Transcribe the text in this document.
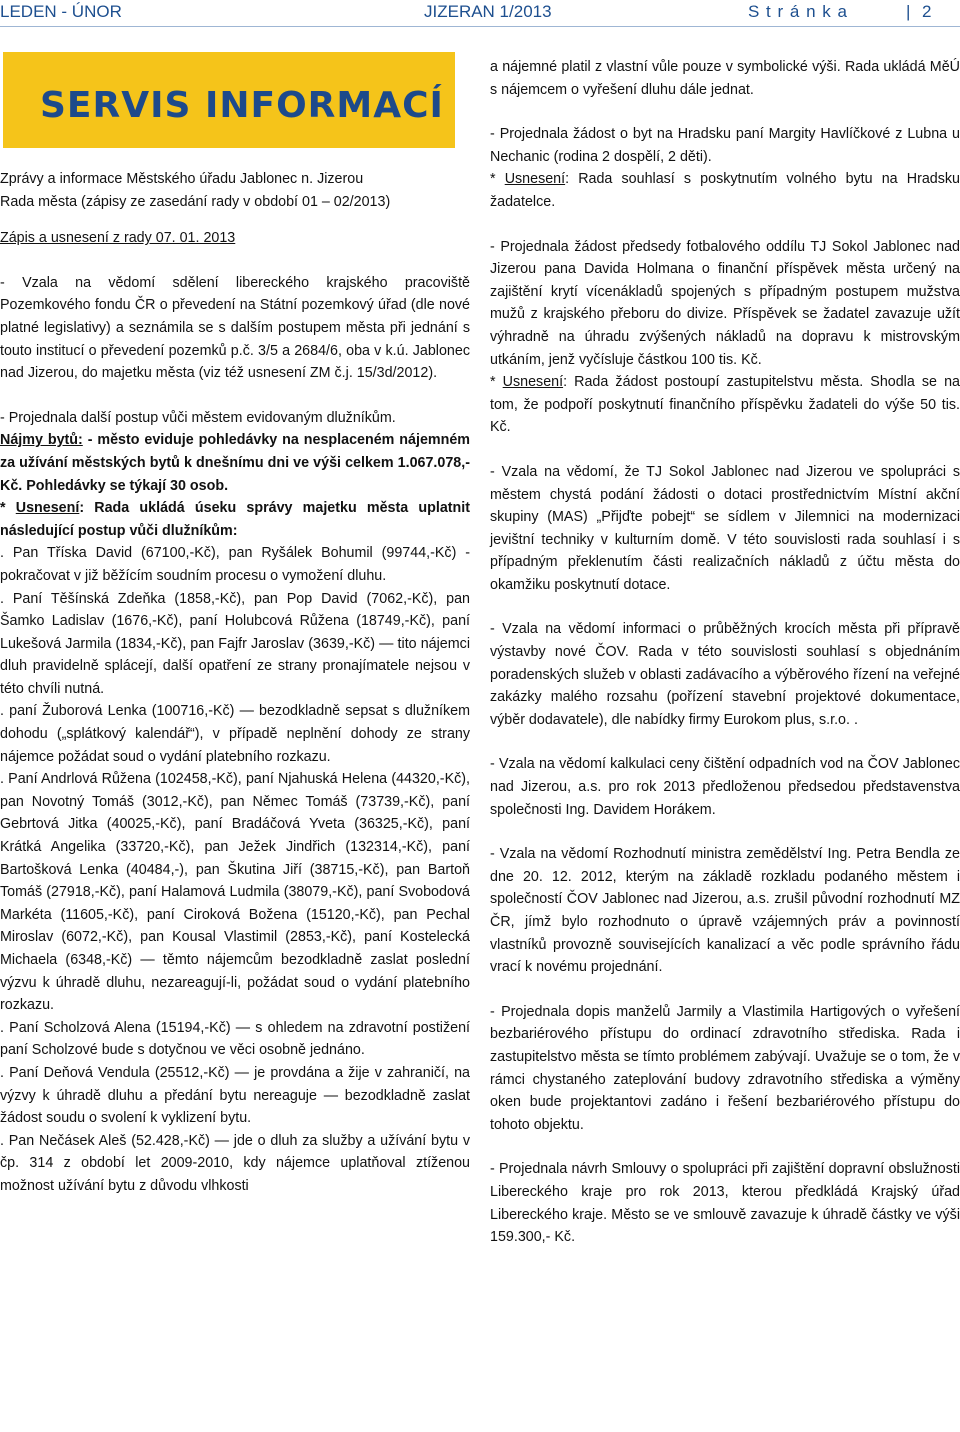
LEDEN - ÚNOR	JIZERAN 1/2013	S t r á n k a	| 2
SERVIS INFORMACÍ

Zprávy a informace Městského úřadu Jablonec n. Jizerou

Rada města (zápisy ze zasedání rady v období 01 – 02/2013)

Zápis a usnesení z rady 07. 01. 2013

- Vzala na vědomí sdělení libereckého krajského pracoviště Pozemkového fondu ČR o převedení na Státní pozemkový úřad (dle nové platné legislativy) a seznámila se s dalším postupem města při jednání s touto institucí o převedení pozemků p.č. 3/5 a 2684/6, oba v k.ú. Jablonec nad Jizerou, do majetku města (viz též usnesení ZM č.j. 15/3d/2012).

- Projednala další postup vůči městem evidovaným dlužníkům.

Nájmy bytů: - město eviduje pohledávky na nesplaceném nájemném za užívání městských bytů k dnešnímu dni ve výši celkem 1.067.078,- Kč. Pohledávky se týkají 30 osob.

* Usnesení: Rada ukládá úseku správy majetku města uplatnit následující postup vůči dlužníkům:

. Pan Tříska David (67100,-Kč), pan Ryšálek Bohumil (99744,-Kč) - pokračovat v již běžícím soudním procesu o vymožení dluhu.

. Paní Těšínská Zdeňka (1858,-Kč), pan Pop David (7062,-Kč), pan Šamko Ladislav (1676,-Kč), paní Holubcová Růžena (18749,-Kč), paní Lukešová Jarmila (1834,-Kč), pan Fajfr Jaroslav (3639,-Kč) — tito nájemci dluh pravidelně splácejí, další opatření ze strany pronajímatele nejsou v této chvíli nutná.

. paní Žuborová Lenka (100716,-Kč) — bezodkladně sepsat s dlužníkem dohodu („splátkový kalendář“), v případě neplnění dohody ze strany nájemce požádat soud o vydání platebního rozkazu.

. Paní Andrlová Růžena (102458,-Kč), paní Njahuská Helena (44320,-Kč), pan Novotný Tomáš (3012,-Kč), pan Němec Tomáš (73739,-Kč), paní Gebrtová Jitka (40025,-Kč), paní Bradáčová Yveta (36325,-Kč), paní Krátká Angelika (33720,-Kč), pan Ježek Jindřich (132314,-Kč), paní Bartošková Lenka (40484,-), pan Škutina Jiří (38715,-Kč), pan Bartoň Tomáš (27918,-Kč), paní Halamová Ludmila (38079,-Kč), paní Svobodová Markéta (11605,-Kč), paní Ciroková Božena (15120,-Kč), pan Pechal Miroslav (6072,-Kč), pan Kousal Vlastimil (2853,-Kč), paní Kostelecká Michaela (6348,-Kč) — těmto nájemcům bezodkladně zaslat poslední výzvu k úhradě dluhu, nezareagují-li, požádat soud o vydání platebního rozkazu.

. Paní Scholzová Alena (15194,-Kč) — s ohledem na zdravotní postižení paní Scholzové bude s dotyčnou ve věci osobně jednáno.

. Paní Deňová Vendula (25512,-Kč) — je provdána a žije v zahraničí, na výzvy k úhradě dluhu a předání bytu nereaguje — bezodkladně zaslat žádost soudu o svolení k vyklizení bytu.

. Pan Nečásek Aleš (52.428,-Kč) — jde o dluh za služby a užívání bytu v čp. 314 z období let 2009-2010, kdy nájemce uplatňoval ztíženou možnost užívání bytu z důvodu vlhkosti

a nájemné platil z vlastní vůle pouze v symbolické výši. Rada ukládá MěÚ s nájemcem o vyřešení dluhu dále jednat.

- Projednala žádost o byt na Hradsku paní Margity Havlíčkové z Lubna u Nechanic (rodina 2 dospělí, 2 děti).

* Usnesení: Rada souhlasí s poskytnutím volného bytu na Hradsku žadatelce.

- Projednala žádost předsedy fotbalového oddílu TJ Sokol Jablonec nad Jizerou pana Davida Holmana o finanční příspěvek města určený na zajištění krytí vícenákladů spojených s případným postupem mužstva mužů z krajského přeboru do divize. Příspěvek se žadatel zavazuje užít výhradně na úhradu zvýšených nákladů na dopravu k mistrovským utkáním, jenž vyčísluje částkou 100 tis. Kč.

* Usnesení: Rada žádost postoupí zastupitelstvu města. Shodla se na tom, že podpoří poskytnutí finančního příspěvku žadateli do výše 50 tis. Kč.

- Vzala na vědomí, že TJ Sokol Jablonec nad Jizerou ve spolupráci s městem chystá podání žádosti o dotaci prostřednictvím Místní akční skupiny (MAS) „Přijďte pobejt“ se sídlem v Jilemnici na modernizaci jevištní techniky v kulturním domě. V této souvislosti rada souhlasí i s případným překlenutím části realizačních nákladů z účtu města do okamžiku poskytnutí dotace.

- Vzala na vědomí informaci o průběžných krocích města při přípravě výstavby nové ČOV. Rada v této souvislosti souhlasí s objednáním poradenských služeb v oblasti zadávacího a výběrového řízení na veřejné zakázky malého rozsahu (pořízení stavební projektové dokumentace, výběr dodavatele), dle nabídky firmy Eurokom plus, s.r.o. .

- Vzala na vědomí kalkulaci ceny čištění odpadních vod na ČOV Jablonec nad Jizerou, a.s. pro rok 2013 předloženou předsedou představenstva společnosti Ing. Davidem Horákem.

- Vzala na vědomí Rozhodnutí ministra zemědělství Ing. Petra Bendla ze dne 20. 12. 2012, kterým na základě rozkladu podaného městem i společností ČOV Jablonec nad Jizerou, a.s. zrušil původní rozhodnutí MZ ČR, jímž bylo rozhodnuto o úpravě vzájemných práv a povinností vlastníků provozně souvisejících kanalizací a věc podle správního řádu vrací k novému projednání.

- Projednala dopis manželů Jarmily a Vlastimila Hartigových o vyřešení bezbariérového přístupu do ordinací zdravotního střediska. Rada i zastupitelstvo města se tímto problémem zabývají. Uvažuje se o tom, že v rámci chystaného zateplování budovy zdravotního střediska a výměny oken bude projektantovi zadáno i řešení bezbariérového přístupu do tohoto objektu.

- Projednala návrh Smlouvy o spolupráci při zajištění dopravní obslužnosti Libereckého kraje pro rok 2013, kterou předkládá Krajský úřad Libereckého kraje. Město se ve smlouvě zavazuje k úhradě částky ve výši 159.300,- Kč.
